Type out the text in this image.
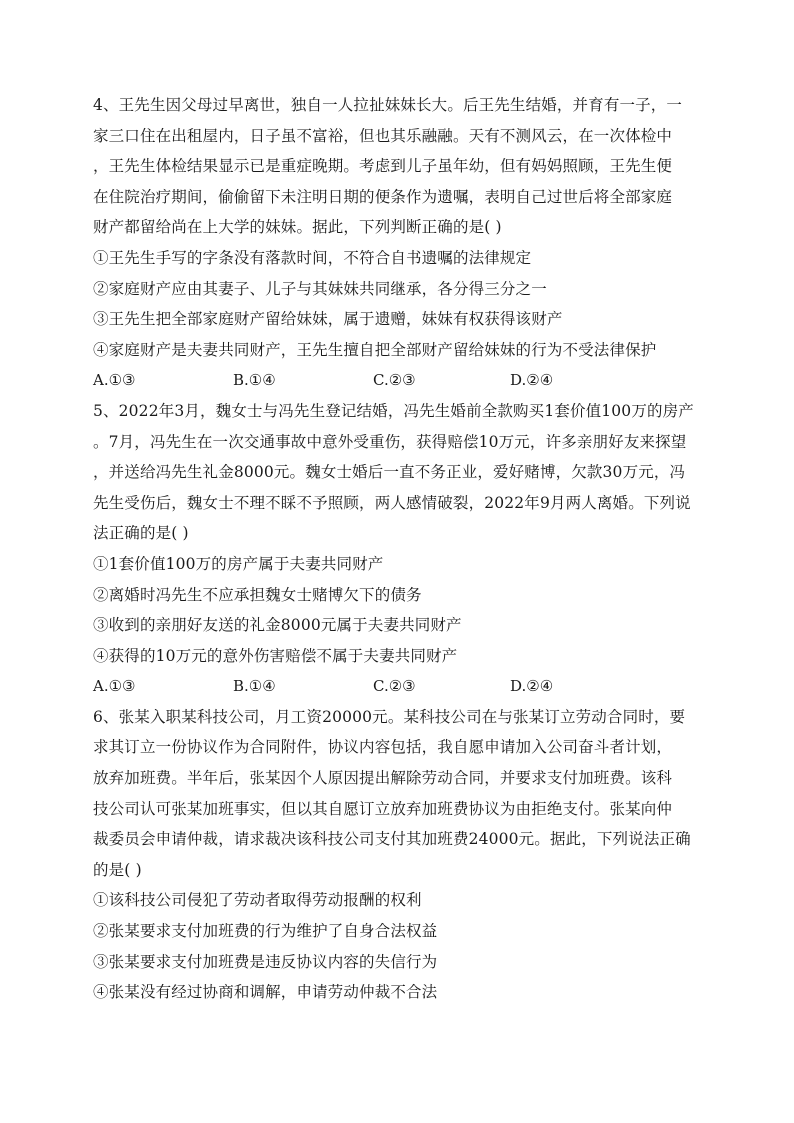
4、王先生因父母过早离世，独自一人拉扯妹妹长大。后王先生结婚，并育有一子，一
家三口住在出租屋内，日子虽不富裕，但也其乐融融。天有不测风云，在一次体检中
，王先生体检结果显示已是重症晚期。考虑到儿子虽年幼，但有妈妈照顾，王先生便
在住院治疗期间，偷偷留下未注明日期的便条作为遗嘱，表明自己过世后将全部家庭
财产都留给尚在上大学的妹妹。据此，下列判断正确的是( )
①王先生手写的字条没有落款时间，不符合自书遗嘱的法律规定
②家庭财产应由其妻子、儿子与其妹妹共同继承，各分得三分之一
③王先生把全部家庭财产留给妹妹，属于遗赠，妹妹有权获得该财产
④家庭财产是夫妻共同财产，王先生擅自把全部财产留给妹妹的行为不受法律保护
A.①③	B.①④	C.②③	D.②④
5、2022年3月，魏女士与冯先生登记结婚，冯先生婚前全款购买1套价值100万的房产
。7月，冯先生在一次交通事故中意外受重伤，获得赔偿10万元，许多亲朋好友来探望
，并送给冯先生礼金8000元。魏女士婚后一直不务正业，爱好赌博，欠款30万元，冯
先生受伤后，魏女士不理不睬不予照顾，两人感情破裂，2022年9月两人离婚。下列说
法正确的是( )
①1套价值100万的房产属于夫妻共同财产
②离婚时冯先生不应承担魏女士赌博欠下的债务
③收到的亲朋好友送的礼金8000元属于夫妻共同财产
④获得的10万元的意外伤害赔偿不属于夫妻共同财产
A.①③	B.①④	C.②③	D.②④
6、张某入职某科技公司，月工资20000元。某科技公司在与张某订立劳动合同时，要
求其订立一份协议作为合同附件，协议内容包括，我自愿申请加入公司奋斗者计划，
放弃加班费。半年后，张某因个人原因提出解除劳动合同，并要求支付加班费。该科
技公司认可张某加班事实，但以其自愿订立放弃加班费协议为由拒绝支付。张某向仲
裁委员会申请仲裁，请求裁决该科技公司支付其加班费24000元。据此，下列说法正确
的是( )
①该科技公司侵犯了劳动者取得劳动报酬的权利
②张某要求支付加班费的行为维护了自身合法权益
③张某要求支付加班费是违反协议内容的失信行为
④张某没有经过协商和调解，申请劳动仲裁不合法
